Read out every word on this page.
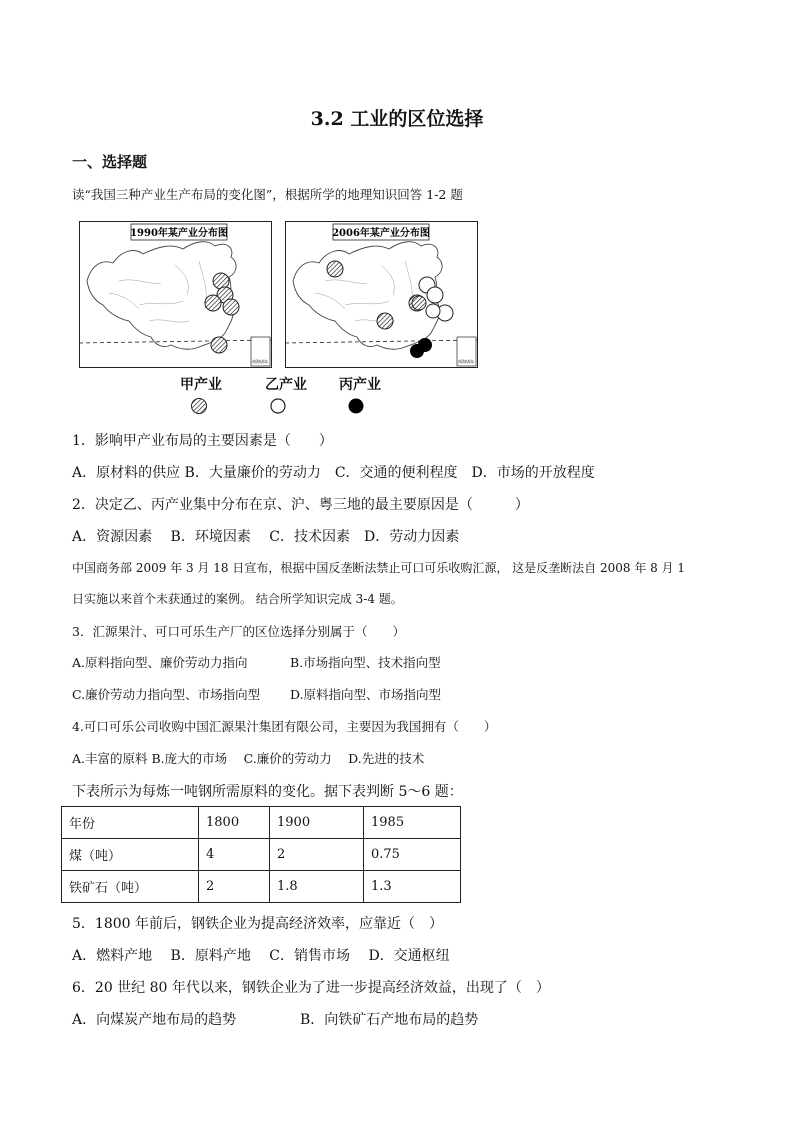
3.2 工业的区位选择
一、选择题
读“我国三种产业生产布局的变化图”，根据所学的地理知识回答 1-2 题
1990年某产业分布图
南海诸岛
2006年某产业分布图
南海诸岛
甲产业	乙产业 丙产业
1．影响甲产业布局的主要因素是（　　）
A．原材料的供应 B．大量廉价的劳动力　C．交通的便利程度　D．市场的开放程度
2．决定乙、丙产业集中分布在京、沪、粤三地的最主要原因是（　　　）
A．资源因素　 B．环境因素　 C．技术因素　D．劳动力因素
中国商务部 2009 年 3 月 18 日宣布，根据中国反垄断法禁止可口可乐收购汇源， 这是反垄断法自 2008 年 8 月 1
日实施以来首个未获通过的案例。 结合所学知识完成 3-4 题。
3．汇源果汁、可口可乐生产厂的区位选择分别属于（　　）
A.原料指向型、廉价劳动力指向	B.市场指向型、技术指向型
C.廉价劳动力指向型、市场指向型 D.原料指向型、市场指向型
4.可口可乐公司收购中国汇源果汁集团有限公司，主要因为我国拥有（　　）
A.丰富的原料 B.庞大的市场　 C.廉价的劳动力　 D.先进的技术
下表所示为每炼一吨钢所需原料的变化。据下表判断 5～6 题：
年份	1800	1900	1985
煤（吨）	4	2	0.75
铁矿石（吨）	2	1.8	1.3
5．1800 年前后，钢铁企业为提高经济效率，应靠近（　）
A．燃料产地　 B．原料产地　 C．销售市场　 D．交通枢纽
6．20 世纪 80 年代以来，钢铁企业为了进一步提高经济效益，出现了（　）
A．向煤炭产地布局的趋势	B．向铁矿石产地布局的趋势
